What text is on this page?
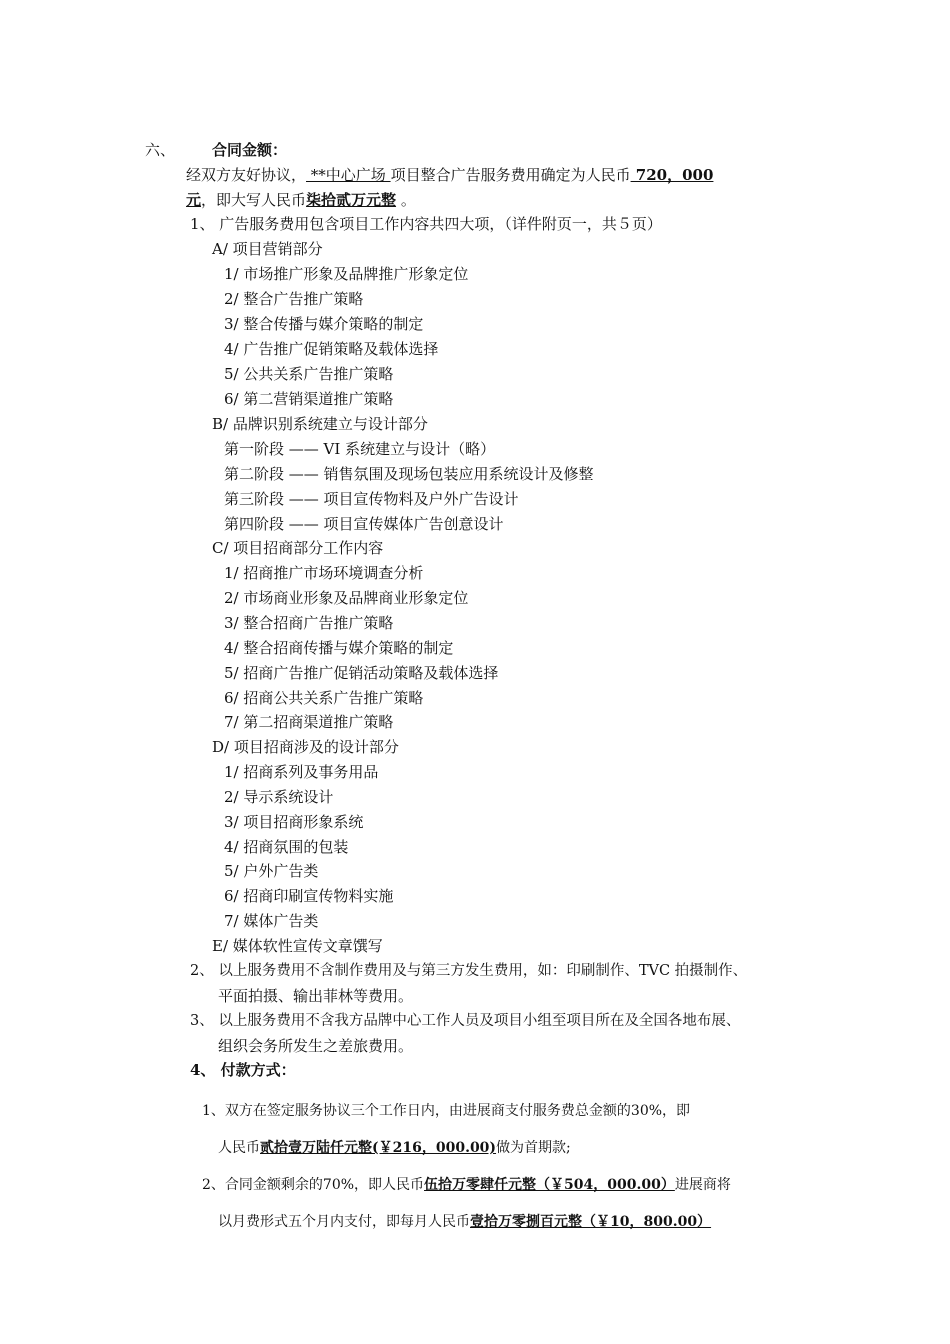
六、 合同金额：
经双方友好协议， **中心广场 项目整合广告服务费用确定为人民币 720，000
元，即大写人民币柒拾贰万元整 。
1、 广告服务费用包含项目工作内容共四大项，（详件附页一，共５页）
A/ 项目营销部分
1/ 市场推广形象及品牌推广形象定位
2/ 整合广告推广策略
3/ 整合传播与媒介策略的制定
4/ 广告推广促销策略及载体选择
5/ 公共关系广告推广策略
6/ 第二营销渠道推广策略
B/ 品牌识别系统建立与设计部分
第一阶段 —— VI 系统建立与设计（略）
第二阶段 —— 销售氛围及现场包装应用系统设计及修整
第三阶段 —— 项目宣传物料及户外广告设计
第四阶段 —— 项目宣传媒体广告创意设计
C/ 项目招商部分工作内容
1/ 招商推广市场环境调查分析
2/ 市场商业形象及品牌商业形象定位
3/ 整合招商广告推广策略
4/ 整合招商传播与媒介策略的制定
5/ 招商广告推广促销活动策略及载体选择
6/ 招商公共关系广告推广策略
7/ 第二招商渠道推广策略
D/ 项目招商涉及的设计部分
1/ 招商系列及事务用品
2/ 导示系统设计
3/ 项目招商形象系统
4/ 招商氛围的包装
5/ 户外广告类
6/ 招商印刷宣传物料实施
7/ 媒体广告类
E/ 媒体软性宣传文章馔写
2、 以上服务费用不含制作费用及与第三方发生费用，如：印刷制作、TVC 拍摄制作、
平面拍摄、输出菲林等费用。
3、 以上服务费用不含我方品牌中心工作人员及项目小组至项目所在及全国各地布展、
组织会务所发生之差旅费用。
4、 付款方式：
1、双方在签定服务协议三个工作日内，由进展商支付服务费总金额的30%，即
人民币贰拾壹万陆仟元整(￥216，000.00)做为首期款;
2、合同金额剩余的70%，即人民币伍拾万零肆仟元整（￥504，000.00）进展商将
以月费形式五个月内支付，即每月人民币壹拾万零捌百元整（￥10，800.00）
